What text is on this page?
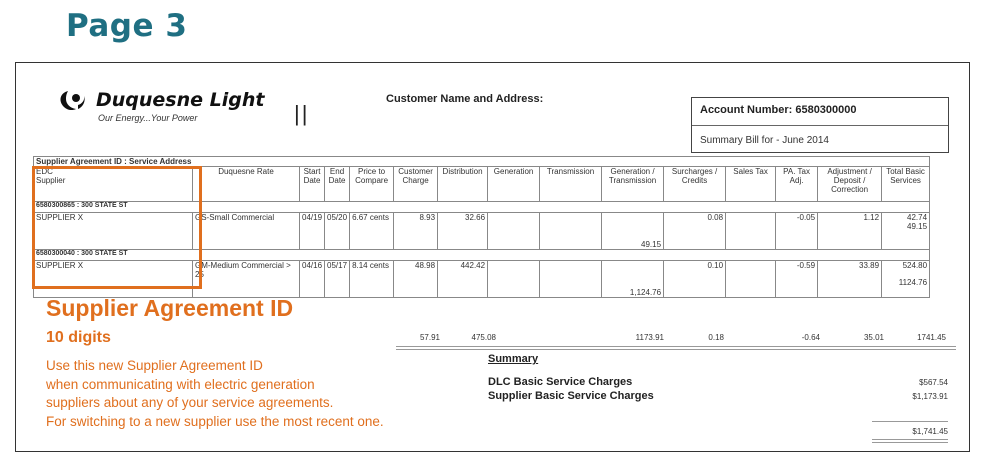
Page 3
Duquesne Light
Our Energy...Your Power	||
Customer Name and Address:
Account Number: 6580300000
Summary Bill for - June 2014
Supplier Agreement ID : Service Address														

EDC
Supplier	Duquesne Rate	Start Date	End Date	Price to Compare	Customer Charge	Distribution	Generation	Transmission	Generation / Transmission	Surcharges / Credits	Sales Tax	PA. Tax Adj.	Adjustment / Deposit / Correction	Total Basic Services
6580300865 : 300 STATE ST														
SUPPLIER X	GS-Small Commercial	04/19	05/20	6.67 cents	8.93	32.66			49.15	0.08		-0.05	1.12	42.74
49.15

6580300040 : 300 STATE ST														
SUPPLIER X	GM-Medium Commercial > 25	04/16	05/17	8.14 cents	48.98	442.42			1,124.76	0.10		-0.59	33.89	524.80
1124.76
57.91	475.08	1173.91	0.18	-0.64	35.01	1741.45
Summary
DLC Basic Service Charges	$567.54
Supplier Basic Service Charges	$1,173.91
$1,741.45
Supplier Agreement ID
10 digits
Use this new Supplier Agreement ID
when communicating with electric generation
suppliers about any of your service agreements.
For switching to a new supplier use the most recent one.
